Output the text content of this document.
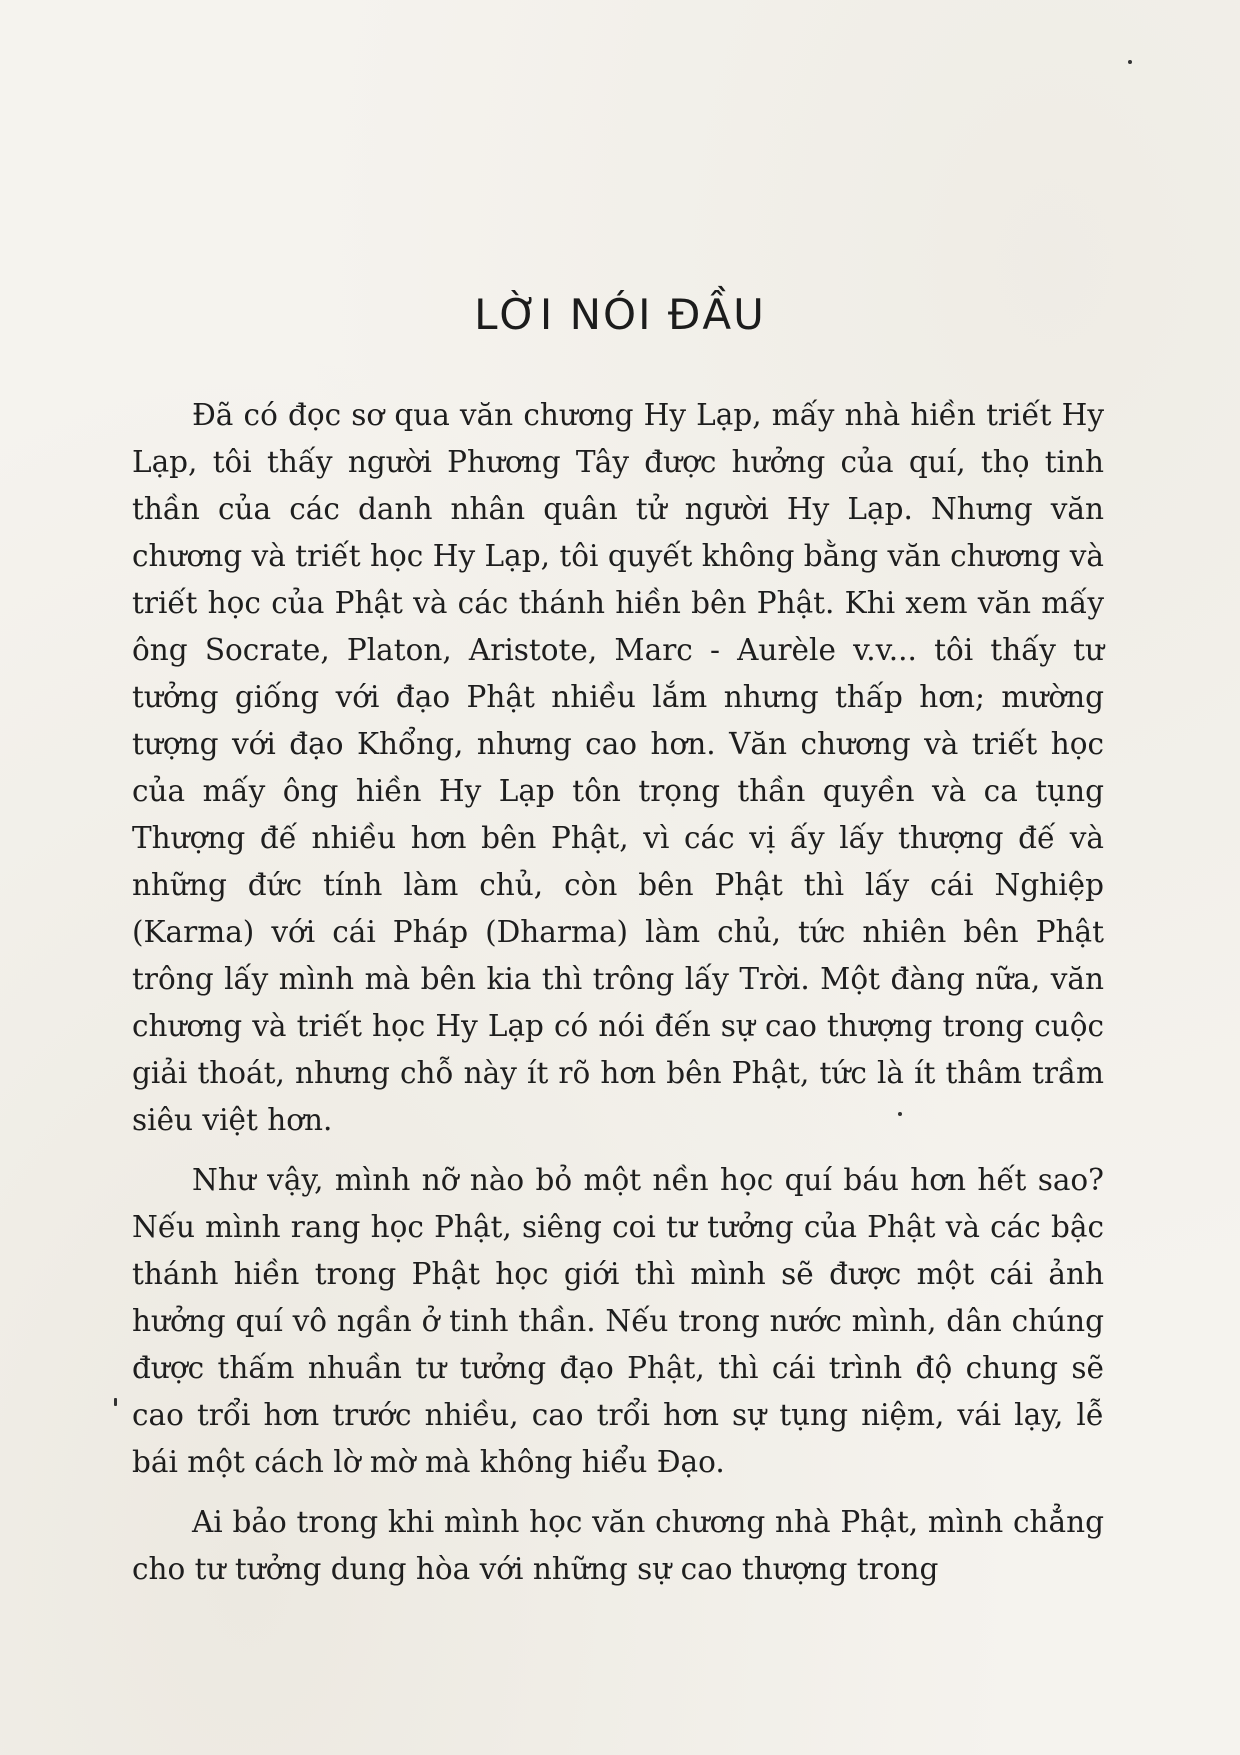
LỜI NÓI ĐẦU

Đã có đọc sơ qua văn chương Hy Lạp, mấy nhà hiền triết Hy Lạp, tôi thấy người Phương Tây được hưởng của quí, thọ tinh thần của các danh nhân quân tử người Hy Lạp. Nhưng văn chương và triết học Hy Lạp, tôi quyết không bằng văn chương và triết học của Phật và các thánh hiền bên Phật. Khi xem văn mấy ông Socrate, Platon, Aristote, Marc - Aurèle v.v... tôi thấy tư tưởng giống với đạo Phật nhiều lắm nhưng thấp hơn; mường tượng với đạo Khổng, nhưng cao hơn. Văn chương và triết học của mấy ông hiền Hy Lạp tôn trọng thần quyền và ca tụng Thượng đế nhiều hơn bên Phật, vì các vị ấy lấy thượng đế và những đức tính làm chủ, còn bên Phật thì lấy cái Nghiệp (Karma) với cái Pháp (Dharma) làm chủ, tức nhiên bên Phật trông lấy mình mà bên kia thì trông lấy Trời. Một đàng nữa, văn chương và triết học Hy Lạp có nói đến sự cao thượng trong cuộc giải thoát, nhưng chỗ này ít rõ hơn bên Phật, tức là ít thâm trầm siêu việt hơn.

Như vậy, mình nỡ nào bỏ một nền học quí báu hơn hết sao? Nếu mình rang học Phật, siêng coi tư tưởng của Phật và các bậc thánh hiền trong Phật học giới thì mình sẽ được một cái ảnh hưởng quí vô ngần ở tinh thần. Nếu trong nước mình, dân chúng được thấm nhuần tư tưởng đạo Phật, thì cái trình độ chung sẽ cao trổi hơn trước nhiều, cao trổi hơn sự tụng niệm, vái lạy, lễ bái một cách lờ mờ mà không hiểu Đạo.

Ai bảo trong khi mình học văn chương nhà Phật, mình chẳng cho tư tưởng dung hòa với những sự cao thượng trong
